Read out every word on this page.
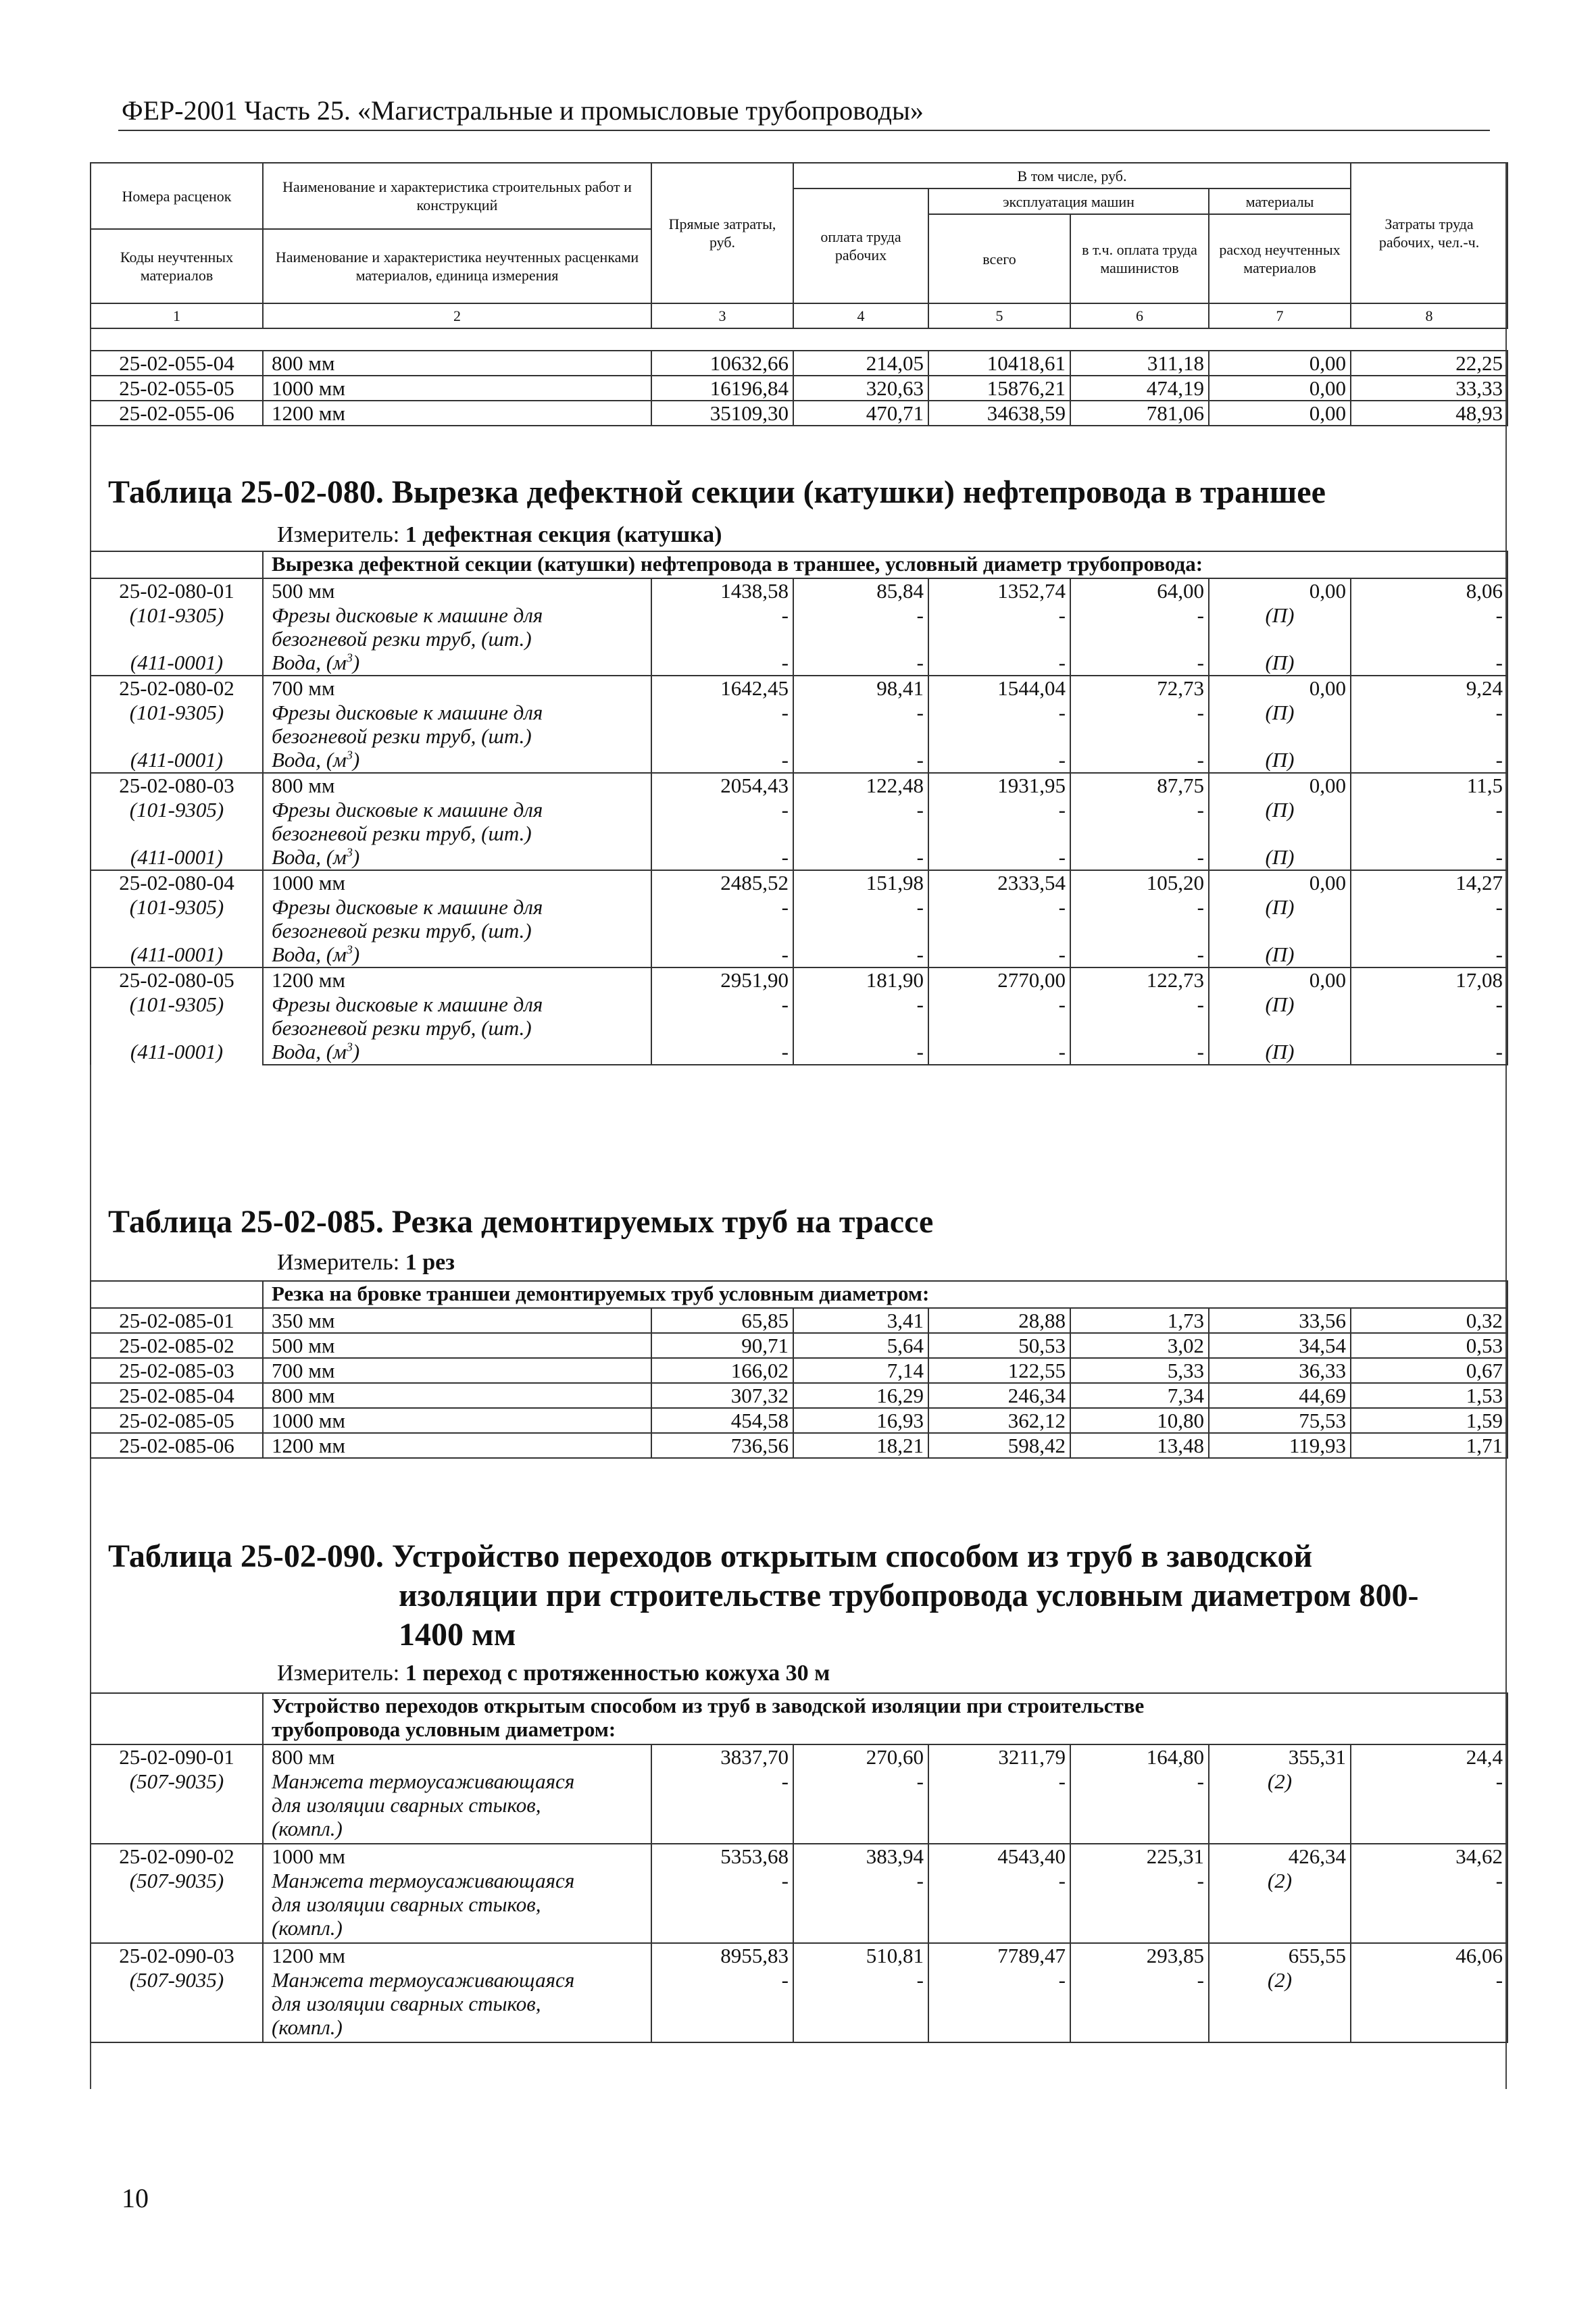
ФЕР-2001 Часть 25. «Магистральные и промысловые трубопроводы»
Номера расценок	Наименование и характеристика строительных работ и конструкций	Прямые затраты, руб.	В том числе, руб.				Затраты труда рабочих, чел.-ч.
			оплата труда рабочих	эксплуатация машин		материалы	
				всего	в т.ч. оплата труда машинистов	расход неучтенных материалов	
Коды неучтенных материалов	Наименование и характеристика неучтенных расценками материалов, единица измерения						

1	2	3	4	5	6	7	8
25-02-055-04	800 мм	10632,66	214,05	10418,61	311,18	0,00	22,25
25-02-055-05	1000 мм	16196,84	320,63	15876,21	474,19	0,00	33,33
25-02-055-06	1200 мм	35109,30	470,71	34638,59	781,06	0,00	48,93
Таблица 25-02-080. Вырезка дефектной секции (катушки) нефтепровода в траншее
Измеритель: 1 дефектная секция (катушка)
	Вырезка дефектной секции (катушки) нефтепровода в траншее, условный диаметр трубопровода:						
25-02-080-01	500 мм	1438,58	85,84	1352,74	64,00	0,00	8,06
(101-9305)	Фрезы дисковые к машине для
безогневой резки труб, (шт.)	-	-	-	-	(П)	-
(411-0001)	Вода, $(м^3)$	-	-	-	-	(П)	-
25-02-080-02	700 мм	1642,45	98,41	1544,04	72,73	0,00	9,24
(101-9305)	Фрезы дисковые к машине для
безогневой резки труб, (шт.)	-	-	-	-	(П)	-
(411-0001)	Вода, $(м^3)$	-	-	-	-	(П)	-
25-02-080-03	800 мм	2054,43	122,48	1931,95	87,75	0,00	11,5
(101-9305)	Фрезы дисковые к машине для
безогневой резки труб, (шт.)	-	-	-	-	(П)	-
(411-0001)	Вода, $(м^3)$	-	-	-	-	(П)	-
25-02-080-04	1000 мм	2485,52	151,98	2333,54	105,20	0,00	14,27
(101-9305)	Фрезы дисковые к машине для
безогневой резки труб, (шт.)	-	-	-	-	(П)	-
(411-0001)	Вода, $(м^3)$	-	-	-	-	(П)	-
25-02-080-05	1200 мм	2951,90	181,90	2770,00	122,73	0,00	17,08
(101-9305)	Фрезы дисковые к машине для
безогневой резки труб, (шт.)	-	-	-	-	(П)	-
(411-0001)	Вода, $(м^3)$	-	-	-	-	(П)	-
Таблица 25-02-085. Резка демонтируемых труб на трассе
Измеритель: 1 рез
	Резка на бровке траншеи демонтируемых труб условным диаметром:						
25-02-085-01	350 мм	65,85	3,41	28,88	1,73	33,56	0,32
25-02-085-02	500 мм	90,71	5,64	50,53	3,02	34,54	0,53
25-02-085-03	700 мм	166,02	7,14	122,55	5,33	36,33	0,67
25-02-085-04	800 мм	307,32	16,29	246,34	7,34	44,69	1,53
25-02-085-05	1000 мм	454,58	16,93	362,12	10,80	75,53	1,59
25-02-085-06	1200 мм	736,56	18,21	598,42	13,48	119,93	1,71
Таблица 25-02-090. Устройство переходов открытым способом из труб в заводской
изоляции при строительстве трубопровода условным диаметром 800-
1400 мм
Измеритель: 1 переход с протяженностью кожуха 30 м

	Устройство переходов открытым способом из труб в заводской изоляции при строительстве
трубопровода условным диаметром:						

25-02-090-01	800 мм	3837,70	270,60	3211,79	164,80	355,31	24,4
(507-9035)	Манжета термоусаживающаяся
для изоляции сварных стыков,
(компл.)	-	-	-	-	(2)	-
25-02-090-02	1000 мм	5353,68	383,94	4543,40	225,31	426,34	34,62
(507-9035)	Манжета термоусаживающаяся
для изоляции сварных стыков,
(компл.)	-	-	-	-	(2)	-
25-02-090-03	1200 мм	8955,83	510,81	7789,47	293,85	655,55	46,06
(507-9035)	Манжета термоусаживающаяся
для изоляции сварных стыков,
(компл.)	-	-	-	-	(2)	-
10
